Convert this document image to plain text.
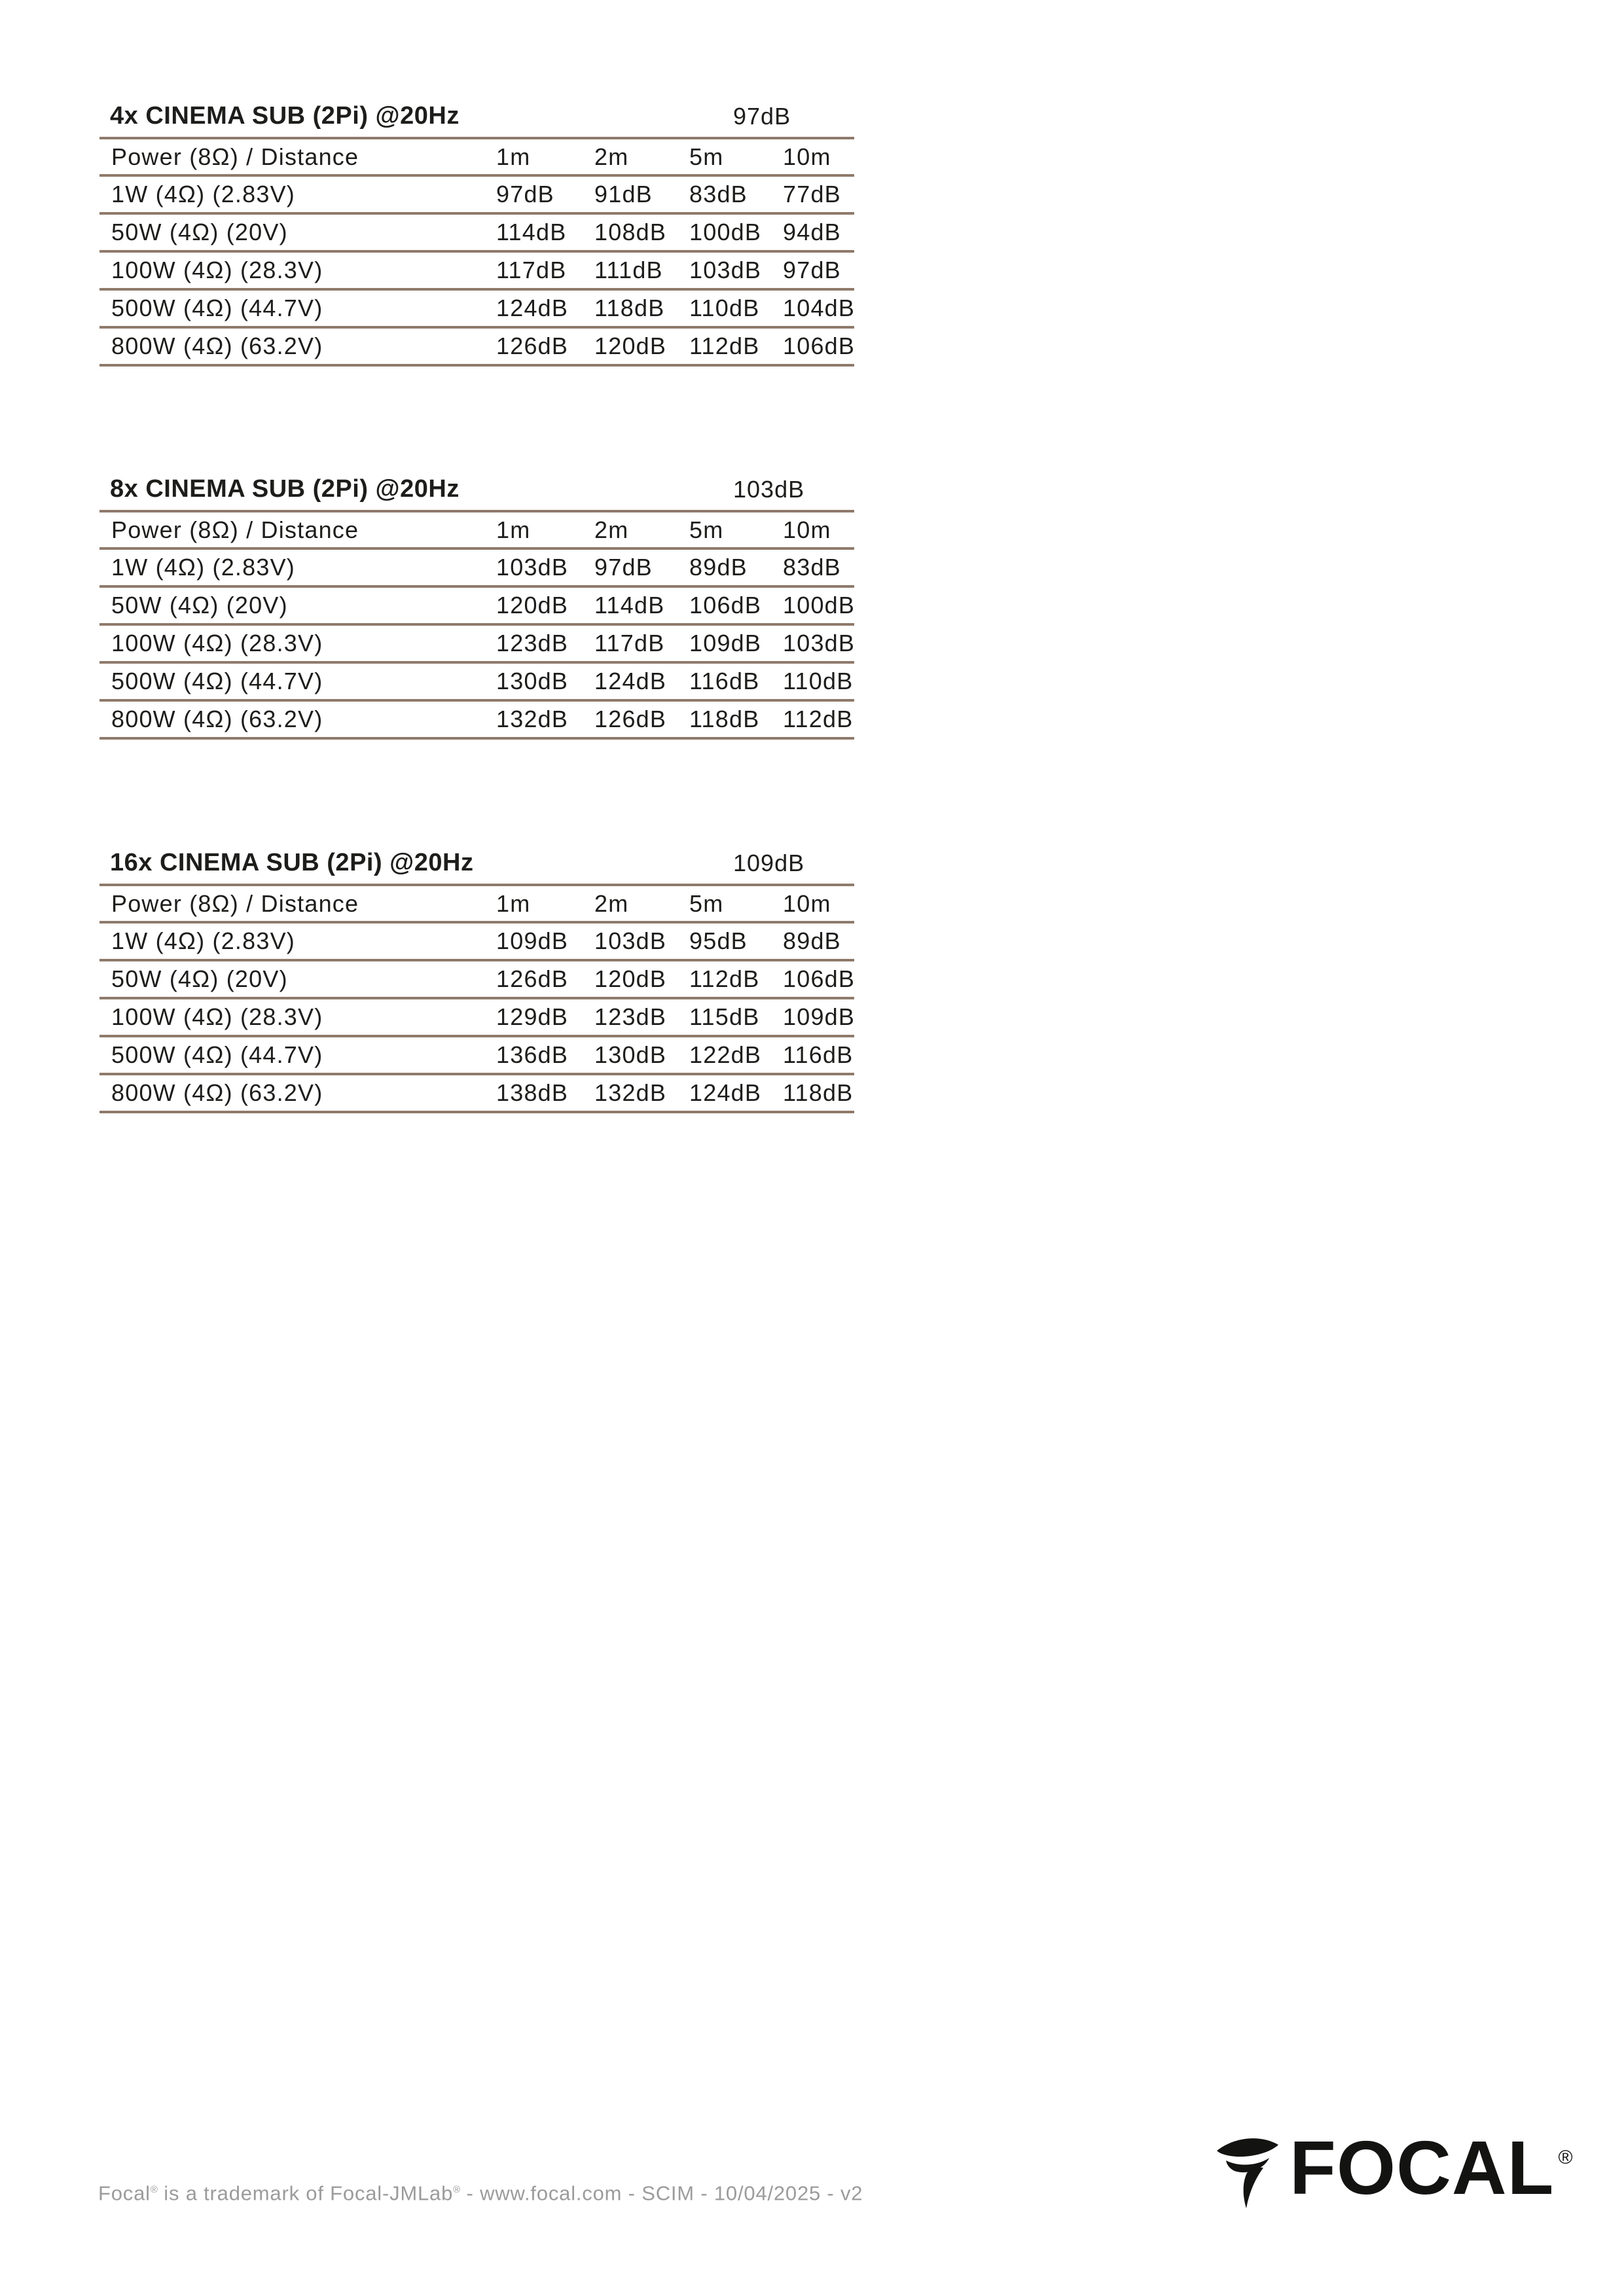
4x CINEMA SUB (2Pi) @20Hz	97dB
Power (8Ω) / Distance	1m	2m	5m	10m
1W (4Ω) (2.83V)	97dB	91dB	83dB	77dB
50W (4Ω) (20V)	114dB	108dB	100dB	94dB
100W (4Ω) (28.3V)	117dB	111dB	103dB	97dB
500W (4Ω) (44.7V)	124dB	118dB	110dB	104dB
800W (4Ω) (63.2V)	126dB	120dB	112dB	106dB
8x CINEMA SUB (2Pi) @20Hz	103dB
Power (8Ω) / Distance	1m	2m	5m	10m
1W (4Ω) (2.83V)	103dB	97dB	89dB	83dB
50W (4Ω) (20V)	120dB	114dB	106dB	100dB
100W (4Ω) (28.3V)	123dB	117dB	109dB	103dB
500W (4Ω) (44.7V)	130dB	124dB	116dB	110dB
800W (4Ω) (63.2V)	132dB	126dB	118dB	112dB
16x CINEMA SUB (2Pi) @20Hz	109dB
Power (8Ω) / Distance	1m	2m	5m	10m
1W (4Ω) (2.83V)	109dB	103dB	95dB	89dB
50W (4Ω) (20V)	126dB	120dB	112dB	106dB
100W (4Ω) (28.3V)	129dB	123dB	115dB	109dB
500W (4Ω) (44.7V)	136dB	130dB	122dB	116dB
800W (4Ω) (63.2V)	138dB	132dB	124dB	118dB
Focal® is a trademark of Focal-JMLab® - www.focal.com - SCIM - 10/04/2025 - v2	FOCAL ®
